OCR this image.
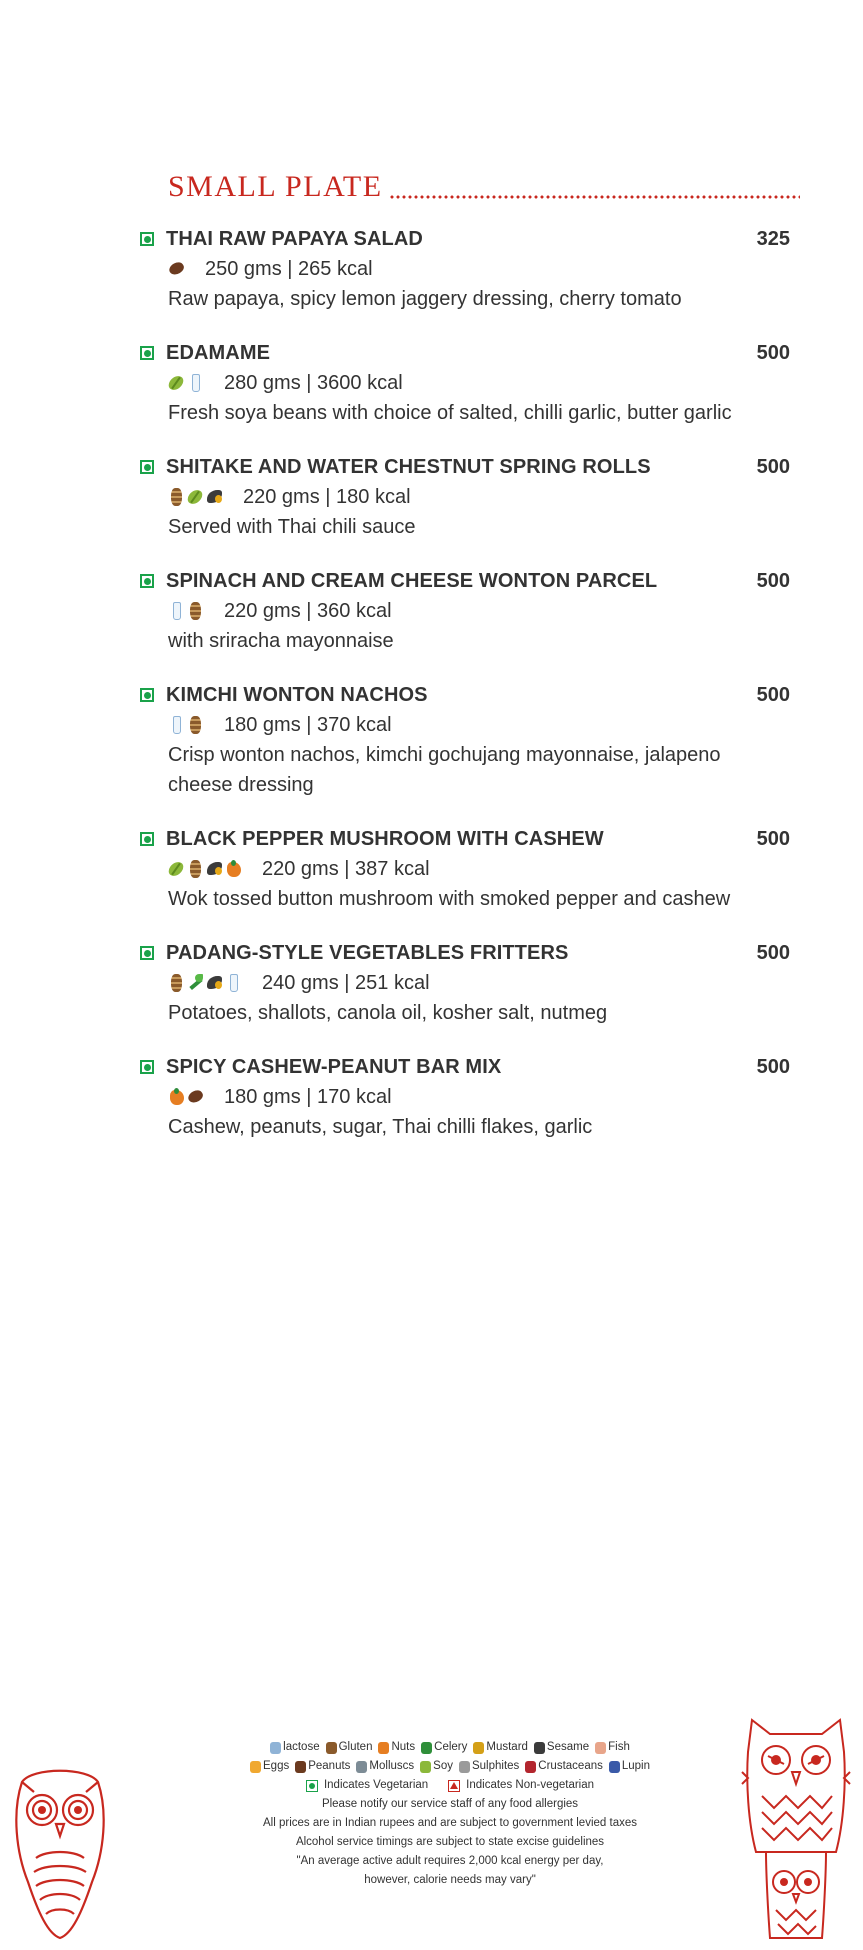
SMALL PLATE
THAI RAW PAPAYA SALAD	325
250 gms | 265 kcal
Raw papaya, spicy lemon jaggery dressing, cherry tomato
EDAMAME	500
280 gms | 3600 kcal
Fresh soya beans with choice of salted, chilli garlic, butter garlic
SHITAKE AND WATER CHESTNUT SPRING ROLLS	500
220 gms | 180 kcal
Served with Thai chili sauce
SPINACH AND CREAM CHEESE WONTON PARCEL	500
220 gms | 360 kcal
with sriracha mayonnaise
KIMCHI WONTON NACHOS	500
180 gms | 370 kcal
Crisp wonton nachos, kimchi gochujang mayonnaise, jalapeno cheese dressing
BLACK PEPPER MUSHROOM WITH CASHEW	500
220 gms | 387 kcal
Wok tossed button mushroom with smoked pepper and cashew
PADANG-STYLE VEGETABLES FRITTERS	500
240 gms | 251 kcal
Potatoes, shallots, canola oil, kosher salt, nutmeg
SPICY CASHEW-PEANUT BAR MIX	500
180 gms | 170 kcal
Cashew, peanuts, sugar, Thai chilli flakes, garlic
lactose Gluten Nuts Celery Mustard Sesame Fish
Eggs Peanuts Molluscs Soy Sulphites Crustaceans Lupin
Indicates Vegetarian	Indicates Non-vegetarian
Please notify our service staff of any food allergies
All prices are in Indian rupees and are subject to government levied taxes
Alcohol service timings are subject to state excise guidelines
"An average active adult requires 2,000 kcal energy per day,
however, calorie needs may vary"
